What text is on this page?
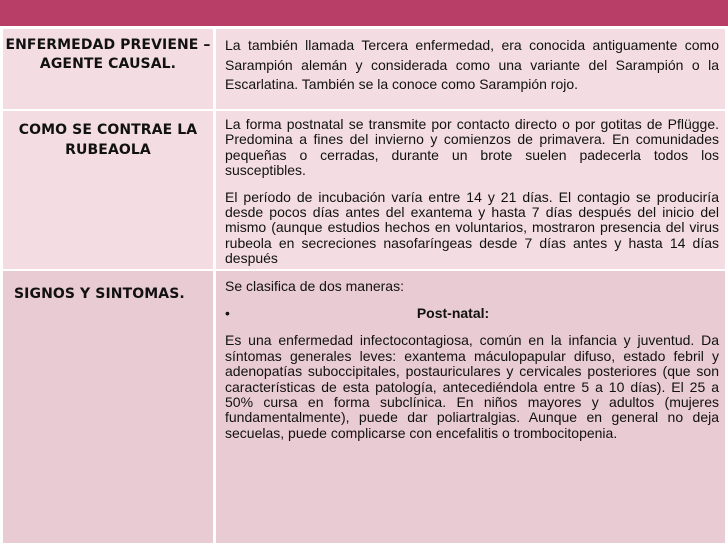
ENFERMEDAD PREVIENE – AGENTE CAUSAL.	La también llamada Tercera enfermedad, era conocida antiguamente como Sarampión alemán y considerada como una variante del Sarampión o la Escarlatina. También se la conoce como Sarampión rojo.

COMO SE CONTRAE LA RUBEAOLA	La forma postnatal se transmite por contacto directo o por gotitas de Pflügge. Predomina a fines del invierno y comienzos de primavera. En comunidades pequeñas o cerradas, durante un brote suelen padecerla todos los susceptibles.

El período de incubación varía entre 14 y 21 días. El contagio se produciría desde pocos días antes del exantema y hasta 7 días después del inicio del mismo (aunque estudios hechos en voluntarios, mostraron presencia del virus rubeola en secreciones nasofaríngeas desde 7 días antes y hasta 14 días después

SIGNOS Y SINTOMAS.	Se clasifica de dos maneras:

• Post-natal:

Es una enfermedad infectocontagiosa, común en la infancia y juventud. Da síntomas generales leves: exantema máculopapular difuso, estado febril y adenopatías suboccipitales, postauriculares y cervicales posteriores (que son características de esta patología, antecediéndola entre 5 a 10 días). El 25 a 50% cursa en forma subclínica. En niños mayores y adultos (mujeres fundamentalmente), puede dar poliartralgias. Aunque en general no deja secuelas, puede complicarse con encefalitis o trombocitopenia.
